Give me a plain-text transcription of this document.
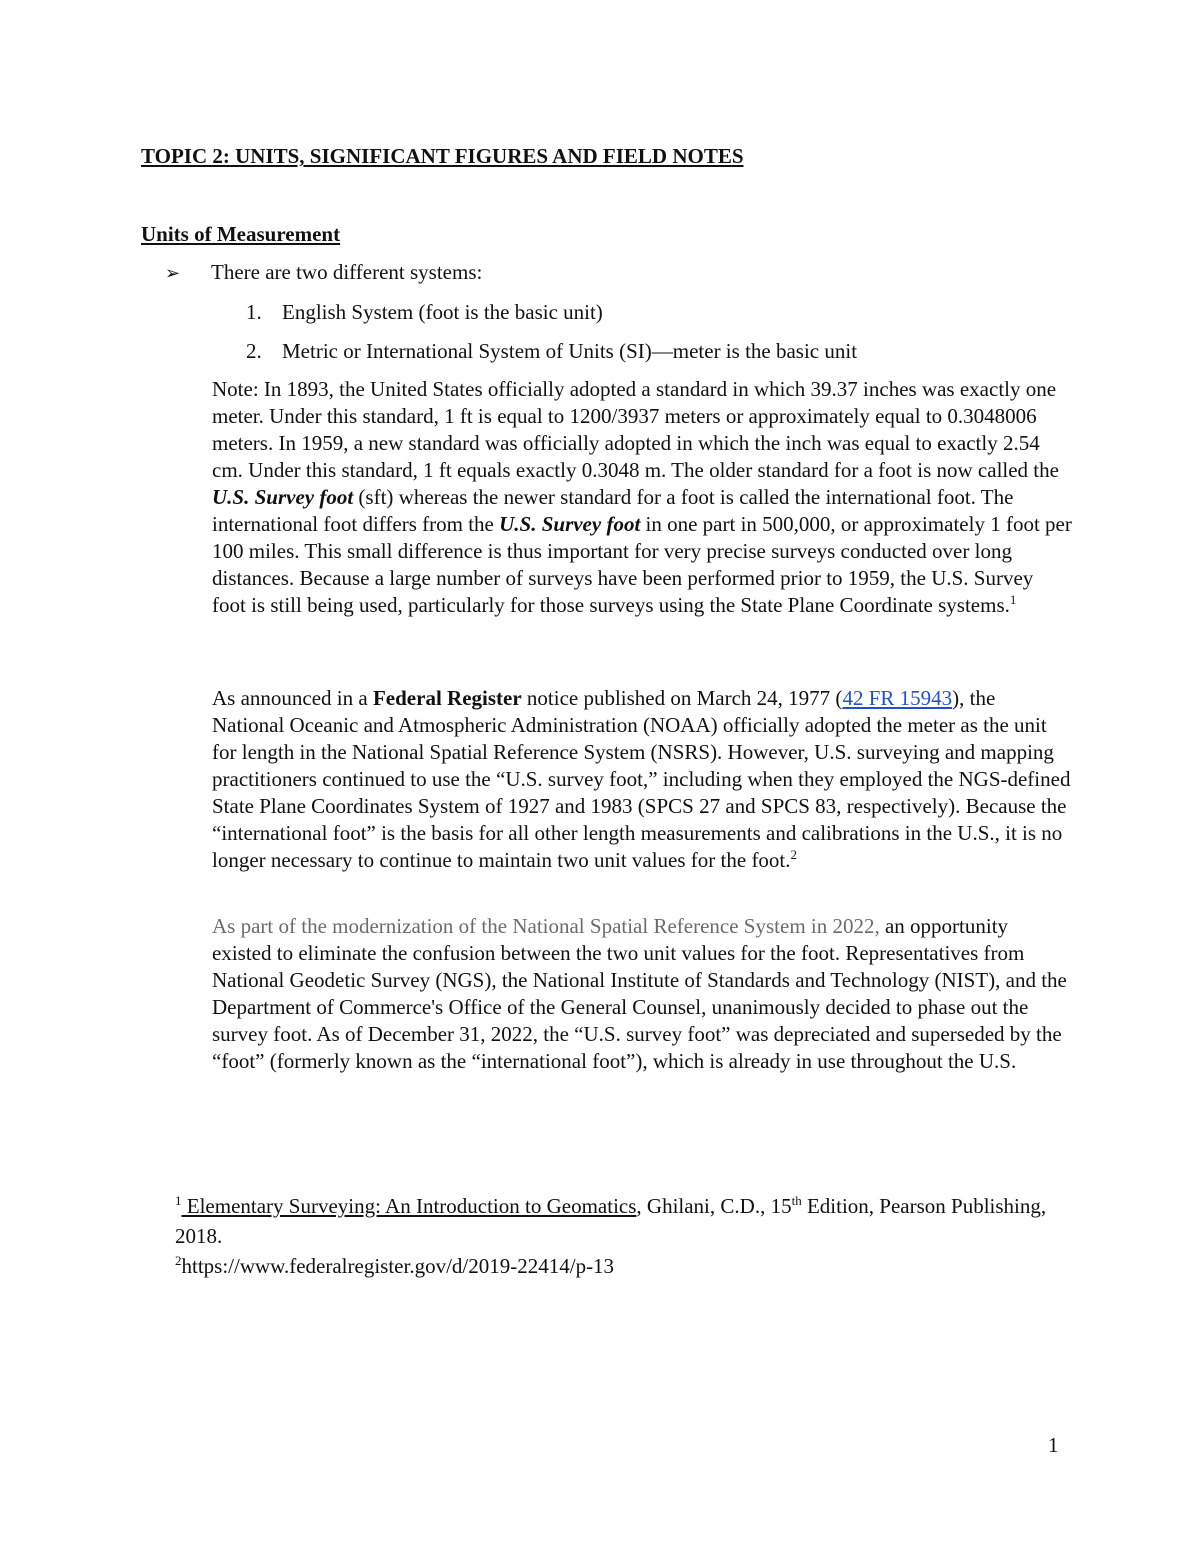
TOPIC 2: UNITS, SIGNIFICANT FIGURES AND FIELD NOTES
Units of Measurement
➢ There are two different systems:
1. English System (foot is the basic unit)
2. Metric or International System of Units (SI)—meter is the basic unit

Note: In 1893, the United States officially adopted a standard in which 39.37 inches was exactly one meter. Under this standard, 1 ft is equal to 1200/3937 meters or approximately equal to 0.3048006 meters. In 1959, a new standard was officially adopted in which the inch was equal to exactly 2.54 cm. Under this standard, 1 ft equals exactly 0.3048 m. The older standard for a foot is now called the U.S. Survey foot (sft) whereas the newer standard for a foot is called the international foot. The international foot differs from the U.S. Survey foot in one part in 500,000, or approximately 1 foot per 100 miles. This small difference is thus important for very precise surveys conducted over long distances. Because a large number of surveys have been performed prior to 1959, the U.S. Survey foot is still being used, particularly for those surveys using the State Plane Coordinate systems.$^1$

As announced in a Federal Register notice published on March 24, 1977 (42 FR 15943), the National Oceanic and Atmospheric Administration (NOAA) officially adopted the meter as the unit for length in the National Spatial Reference System (NSRS). However, U.S. surveying and mapping practitioners continued to use the “U.S. survey foot,” including when they employed the NGS-defined State Plane Coordinates System of 1927 and 1983 (SPCS 27 and SPCS 83, respectively). Because the “international foot” is the basis for all other length measurements and calibrations in the U.S., it is no longer necessary to continue to maintain two unit values for the foot.$^2$

As part of the modernization of the National Spatial Reference System in 2022, an opportunity existed to eliminate the confusion between the two unit values for the foot. Representatives from National Geodetic Survey (NGS), the National Institute of Standards and Technology (NIST), and the Department of Commerce's Office of the General Counsel, unanimously decided to phase out the survey foot. As of December 31, 2022, the “U.S. survey foot” was depreciated and superseded by the “foot” (formerly known as the “international foot”), which is already in use throughout the U.S.

$^1$ Elementary Surveying: An Introduction to Geomatics, Ghilani, C.D., 15th Edition, Pearson Publishing, 2018.

$^2$https://www.federalregister.gov/d/2019-22414/p-13

1
